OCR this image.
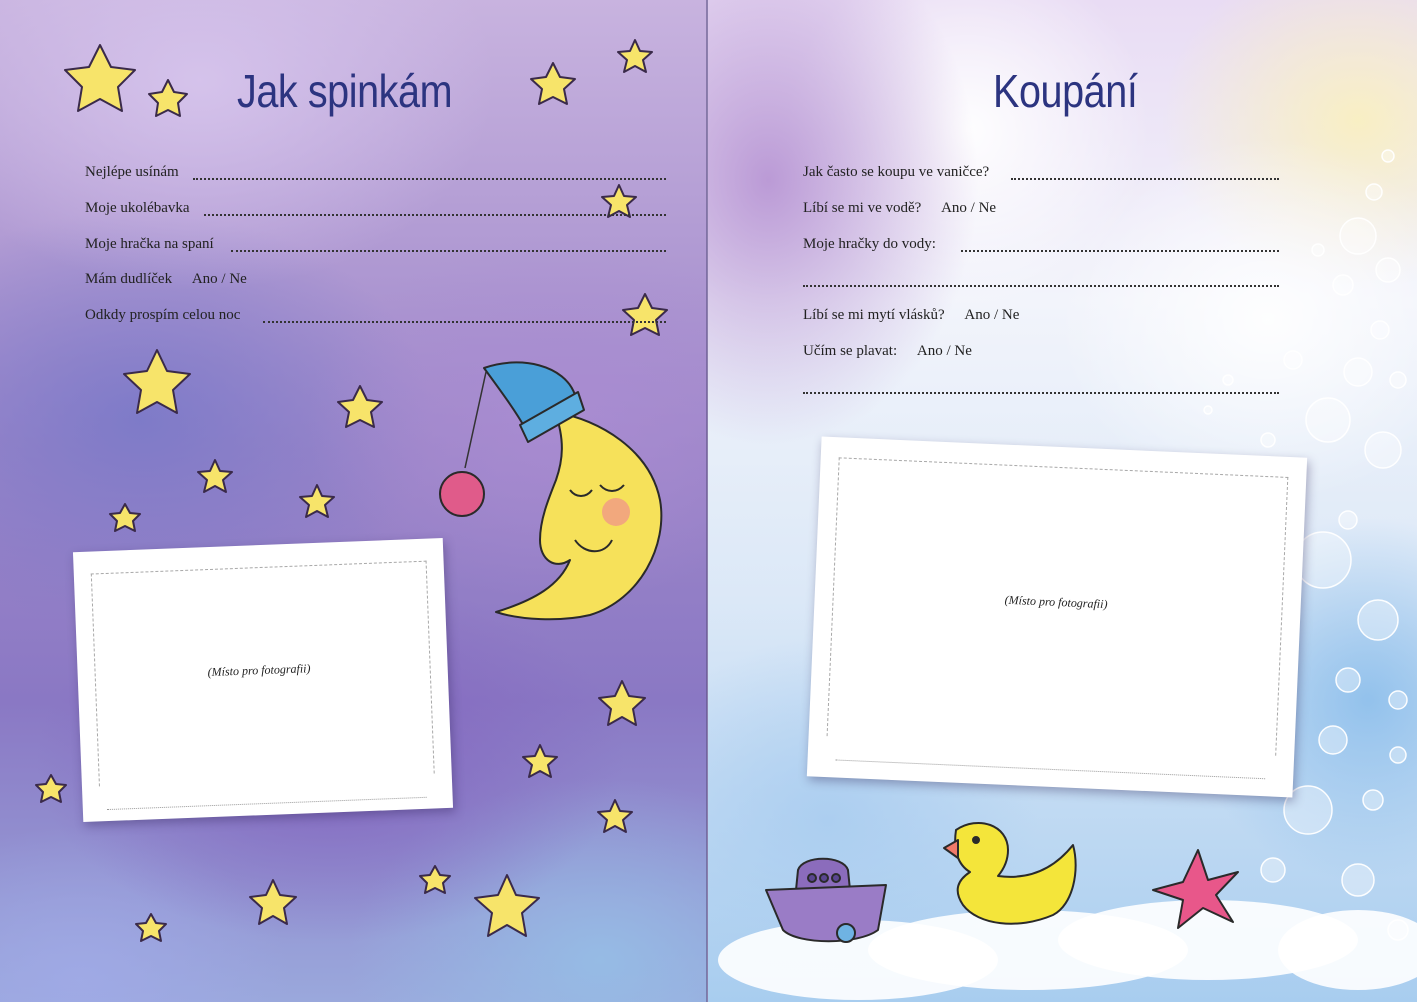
Jak spinkám
Nejlépe usínám
Moje ukolébavka
Moje hračka na spaní
Mám dudlíček Ano / Ne
Odkdy prospím celou noc
(Místo pro fotografii)
Koupání
Jak často se koupu ve vaničce?
Líbí se mi ve vodě? Ano / Ne
Moje hračky do vody:
Líbí se mi mytí vlásků? Ano / Ne
Učím se plavat: Ano / Ne
(Místo pro fotografii)
